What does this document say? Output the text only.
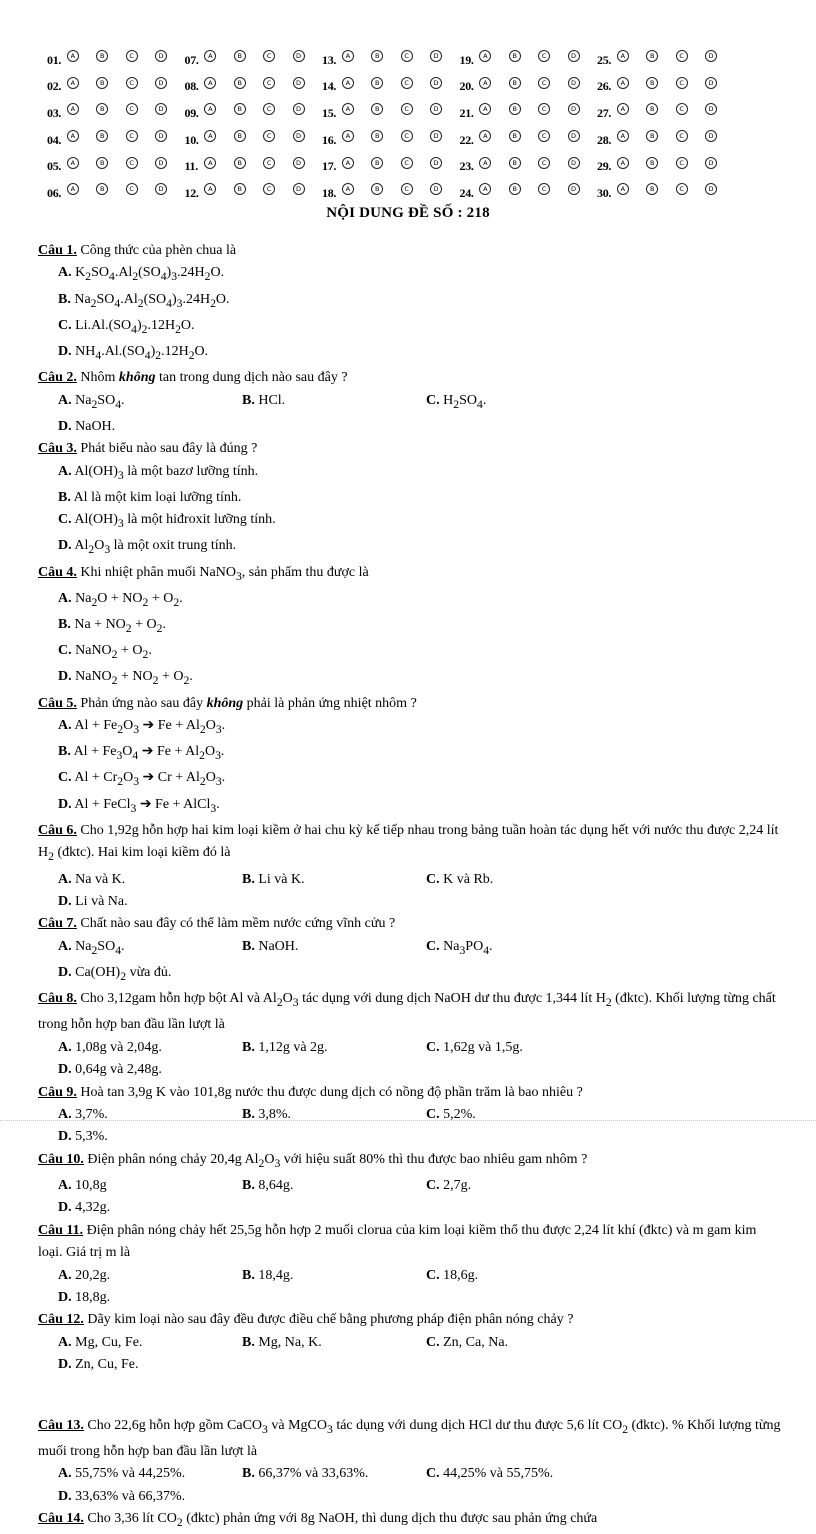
01.	A	B	C	D 07.	A	B	C	D 13.	A	B	C	D 19.	A	B	C	D 25.	A	B	C	D
02.	A	B	C	D 08.	A	B	C	D 14.	A	B	C	D 20.	A	B	C	D 26.	A	B	C	D
03.	A	B	C	D 09.	A	B	C	D 15.	A	B	C	D 21.	A	B	C	D 27.	A	B	C	D
04.	A	B	C	D 10.	A	B	C	D 16.	A	B	C	D 22.	A	B	C	D 28.	A	B	C	D
05.	A	B	C	D 11.	A	B	C	D 17.	A	B	C	D 23.	A	B	C	D 29.	A	B	C	D
06.	A	B	C	D 12.	A	B	C	D 18.	A	B	C	D 24.	A	B	C	D 30.	A	B	C	D
NỘI DUNG ĐỀ SỐ : 218
Câu 1. Công thức của phèn chua là
A. $K_2SO_4.Al_2(SO_4)_3.24H_2O$.
B. $Na_2SO_4.Al_2(SO_4)_3.24H_2O$.
C. $Li.Al.(SO_4)_2.12H_2O$.
D. $NH_4.Al.(SO_4)_2.12H_2O$.
Câu 2. Nhôm không tan trong dung dịch nào sau đây ?
A. $Na_2SO_4$.	B. HCl.	C. $H_2SO_4$.
D. NaOH.
Câu 3. Phát biểu nào sau đây là đúng ?
A. $Al(OH)_3$ là một bazơ lưỡng tính.
B. Al là một kim loại lưỡng tính.
C. $Al(OH)_3$ là một hiđroxit lưỡng tính.
D. $Al_2O_3$ là một oxit trung tính.
Câu 4. Khi nhiệt phân muối NaNO$_3$, sản phẩm thu được là
A. $Na_2O + NO_2 + O_2$.
B. $Na + NO_2 + O_2$.
C. NaNO$_2$ + $O_2$.
D. NaNO$_2$ + $NO_2 + O_2$.
Câu 5. Phản ứng nào sau đây không phải là phản ứng nhiệt nhôm ?
A. $Al + Fe_2O_3$ ➔ $Fe + Al_2O_3$.
B. $Al + Fe_3O_4$ ➔ $Fe + Al_2O_3$.
C. $Al + Cr_2O_3$ ➔ $Cr + Al_2O_3$.
D. Al + FeCl$_3$ ➔ Fe + AlCl$_3$.
Câu 6. Cho 1,92g hỗn hợp hai kim loại kiềm ở hai chu kỳ kế tiếp nhau trong bảng tuần hoàn tác dụng hết với nước thu được 2,24 lít $H_2$ (đktc). Hai kim loại kiềm đó là
A. Na và K.	B. Li và K.	C. K và Rb.
D. Li và Na.
Câu 7. Chất nào sau đây có thể làm mềm nước cứng vĩnh cửu ?
A. $Na_2SO_4$.	B. NaOH.	C. $Na_3PO_4$.
D. $Ca(OH)_2$ vừa đủ.
Câu 8. Cho 3,12gam hỗn hợp bột Al và $Al_2O_3$ tác dụng với dung dịch NaOH dư thu được 1,344 lít $H_2$ (đktc). Khối lượng từng chất trong hỗn hợp ban đầu lần lượt là
A. 1,08g và 2,04g.	B. 1,12g và 2g.	C. 1,62g và 1,5g.
D. 0,64g và 2,48g.
Câu 9. Hoà tan 3,9g K vào 101,8g nước thu được dung dịch có nồng độ phần trăm là bao nhiêu ?
A. 3,7%.	B. 3,8%.	C. 5,2%.
D. 5,3%.
Câu 10. Điện phân nóng chảy 20,4g $Al_2O_3$ với hiệu suất 80% thì thu được bao nhiêu gam nhôm ?
A. 10,8g	B. 8,64g.	C. 2,7g.
D. 4,32g.
Câu 11. Điện phân nóng chảy hết 25,5g hỗn hợp 2 muối clorua của kim loại kiềm thổ thu được 2,24 lít khí (đktc) và m gam kim loại. Giá trị m là
A. 20,2g.	B. 18,4g.	C. 18,6g.
D. 18,8g.
Câu 12. Dãy kim loại nào sau đây đều được điều chế bằng phương pháp điện phân nóng chảy ?
A. Mg, Cu, Fe.	B. Mg, Na, K.	C. Zn, Ca, Na.
D. Zn, Cu, Fe.
Câu 13. Cho 22,6g hỗn hợp gồm CaCO$_3$ và MgCO$_3$ tác dụng với dung dịch HCl dư thu được 5,6 lít $CO_2$ (đktc). % Khối lượng từng muối trong hỗn hợp ban đầu lần lượt là
A. 55,75% và 44,25%.	B. 66,37% và 33,63%.	C. 44,25% và 55,75%.
D. 33,63% và 66,37%.
Câu 14. Cho 3,36 lít $CO_2$ (đktc) phản ứng với 8g NaOH, thì dung dịch thu được sau phản ứng chứa
